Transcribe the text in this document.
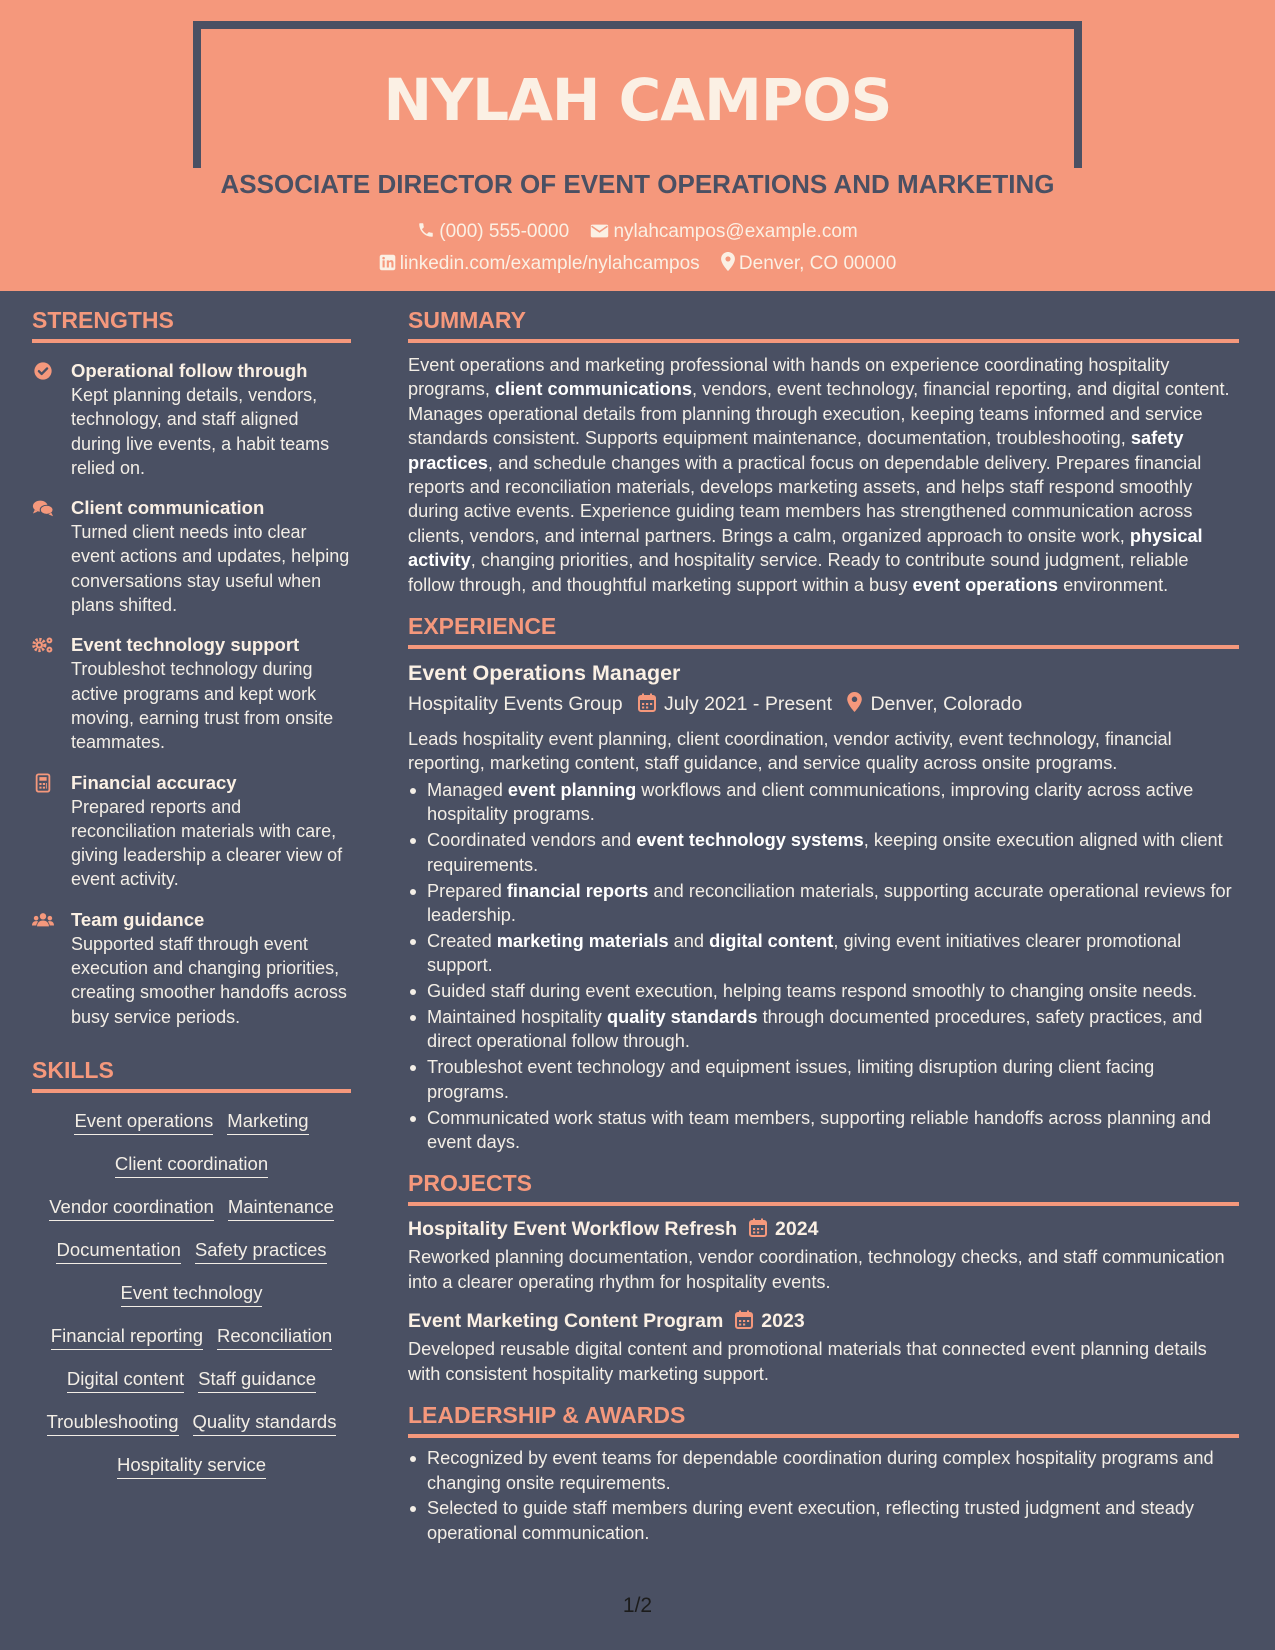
NYLAH CAMPOS
ASSOCIATE DIRECTOR OF EVENT OPERATIONS AND MARKETING
(000) 555-0000 nylahcampos@example.com
linkedin.com/example/nylahcampos Denver, CO 00000
STRENGTHS
Operational follow through
Kept planning details, vendors, technology, and staff aligned during live events, a habit teams relied on.
Client communication
Turned client needs into clear event actions and updates, helping conversations stay useful when plans shifted.
Event technology support
Troubleshot technology during active programs and kept work moving, earning trust from onsite teammates.
Financial accuracy
Prepared reports and reconciliation materials with care, giving leadership a clearer view of event activity.
Team guidance
Supported staff through event execution and changing priorities, creating smoother handoffs across busy service periods.
SKILLS
Event operations Marketing
Client coordination
Vendor coordination Maintenance
Documentation Safety practices
Event technology
Financial reporting Reconciliation
Digital content Staff guidance
Troubleshooting Quality standards
Hospitality service
SUMMARY
Event operations and marketing professional with hands on experience coordinating hospitality programs, client communications, vendors, event technology, financial reporting, and digital content. Manages operational details from planning through execution, keeping teams informed and service standards consistent. Supports equipment maintenance, documentation, troubleshooting, safety practices, and schedule changes with a practical focus on dependable delivery. Prepares financial reports and reconciliation materials, develops marketing assets, and helps staff respond smoothly during active events. Experience guiding team members has strengthened communication across clients, vendors, and internal partners. Brings a calm, organized approach to onsite work, physical activity, changing priorities, and hospitality service. Ready to contribute sound judgment, reliable follow through, and thoughtful marketing support within a busy event operations environment.
EXPERIENCE
Event Operations Manager
Hospitality Events Group July 2021 - Present Denver, Colorado
Leads hospitality event planning, client coordination, vendor activity, event technology, financial reporting, marketing content, staff guidance, and service quality across onsite programs.
Managed event planning workflows and client communications, improving clarity across active hospitality programs.
Coordinated vendors and event technology systems, keeping onsite execution aligned with client requirements.
Prepared financial reports and reconciliation materials, supporting accurate operational reviews for leadership.
Created marketing materials and digital content, giving event initiatives clearer promotional support.
Guided staff during event execution, helping teams respond smoothly to changing onsite needs.
Maintained hospitality quality standards through documented procedures, safety practices, and direct operational follow through.
Troubleshot event technology and equipment issues, limiting disruption during client facing programs.
Communicated work status with team members, supporting reliable handoffs across planning and event days.
PROJECTS
Hospitality Event Workflow Refresh 2024
Reworked planning documentation, vendor coordination, technology checks, and staff communication into a clearer operating rhythm for hospitality events.
Event Marketing Content Program 2023
Developed reusable digital content and promotional materials that connected event planning details with consistent hospitality marketing support.
LEADERSHIP & AWARDS
Recognized by event teams for dependable coordination during complex hospitality programs and changing onsite requirements.
Selected to guide staff members during event execution, reflecting trusted judgment and steady operational communication.
1/2
